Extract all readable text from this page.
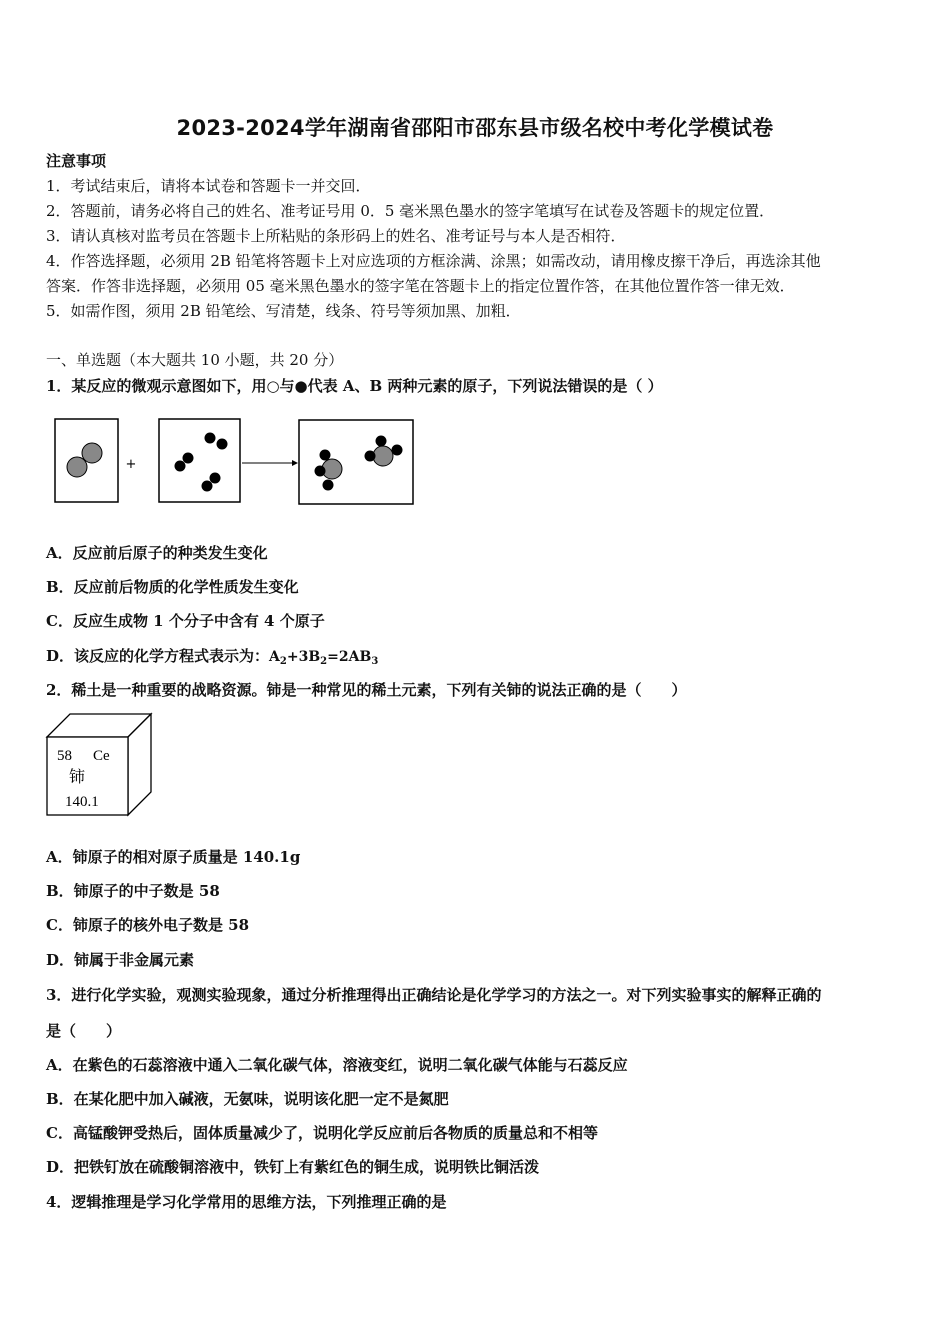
2023-2024学年湖南省邵阳市邵东县市级名校中考化学模试卷
注意事项
1．考试结束后，请将本试卷和答题卡一并交回．
2．答题前，请务必将自己的姓名、准考证号用 0．5 毫米黑色墨水的签字笔填写在试卷及答题卡的规定位置．
3．请认真核对监考员在答题卡上所粘贴的条形码上的姓名、准考证号与本人是否相符．
4．作答选择题，必须用 2B 铅笔将答题卡上对应选项的方框涂满、涂黑；如需改动，请用橡皮擦干净后，再选涂其他
答案．作答非选择题，必须用 05 毫米黑色墨水的签字笔在答题卡上的指定位置作答，在其他位置作答一律无效．
5．如需作图，须用 2B 铅笔绘、写清楚，线条、符号等须加黑、加粗．
一、单选题（本大题共 10 小题，共 20 分）
1．某反应的微观示意图如下，用○与●代表 A、B 两种元素的原子，下列说法错误的是（ ）
+
A．反应前后原子的种类发生变化
B．反应前后物质的化学性质发生变化
C．反应生成物 1 个分子中含有 4 个原子
D．该反应的化学方程式表示为：$A_2+3B_2=2AB_3$
2．稀土是一种重要的战略资源。铈是一种常见的稀土元素，下列有关铈的说法正确的是（　　）
58 Ce
铈
140.1
A．铈原子的相对原子质量是 140.1g
B．铈原子的中子数是 58
C．铈原子的核外电子数是 58
D．铈属于非金属元素
3．进行化学实验，观测实验现象，通过分析推理得出正确结论是化学学习的方法之一。对下列实验事实的解释正确的
是（　　）
A．在紫色的石蕊溶液中通入二氧化碳气体，溶液变红，说明二氧化碳气体能与石蕊反应
B．在某化肥中加入碱液，无氨味，说明该化肥一定不是氮肥
C．高锰酸钾受热后，固体质量减少了，说明化学反应前后各物质的质量总和不相等
D．把铁钉放在硫酸铜溶液中，铁钉上有紫红色的铜生成，说明铁比铜活泼
4．逻辑推理是学习化学常用的思维方法，下列推理正确的是
